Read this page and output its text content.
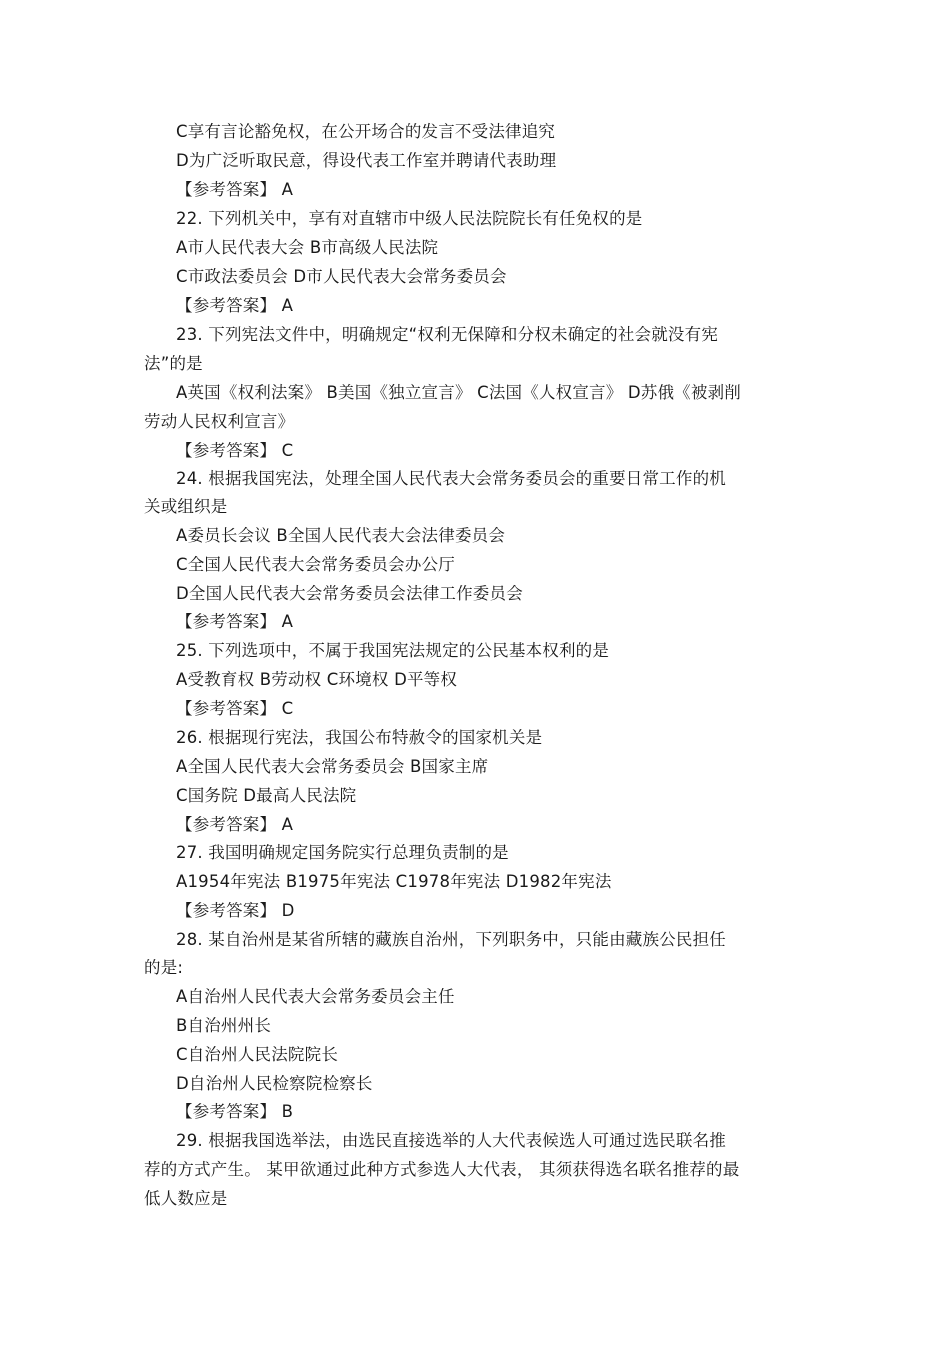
C享有言论豁免权，在公开场合的发言不受法律追究
D为广泛听取民意，得设代表工作室并聘请代表助理
【参考答案】 A
22. 下列机关中，享有对直辖市中级人民法院院长有任免权的是
A市人民代表大会 B市高级人民法院
C市政法委员会 D市人民代表大会常务委员会
【参考答案】 A
23. 下列宪法文件中，明确规定“权利无保障和分权未确定的社会就没有宪
法”的是
A英国《权利法案》 B美国《独立宣言》 C法国《人权宣言》 D苏俄《被剥削
劳动人民权利宣言》
【参考答案】 C
24. 根据我国宪法，处理全国人民代表大会常务委员会的重要日常工作的机
关或组织是
A委员长会议 B全国人民代表大会法律委员会
C全国人民代表大会常务委员会办公厅
D全国人民代表大会常务委员会法律工作委员会
【参考答案】 A
25. 下列选项中，不属于我国宪法规定的公民基本权利的是
A受教育权 B劳动权 C环境权 D平等权
【参考答案】 C
26. 根据现行宪法，我国公布特赦令的国家机关是
A全国人民代表大会常务委员会 B国家主席
C国务院 D最高人民法院
【参考答案】 A
27. 我国明确规定国务院实行总理负责制的是
A1954年宪法 B1975年宪法 C1978年宪法 D1982年宪法
【参考答案】 D
28. 某自治州是某省所辖的藏族自治州，下列职务中，只能由藏族公民担任
的是:
A自治州人民代表大会常务委员会主任
B自治州州长
C自治州人民法院院长
D自治州人民检察院检察长
【参考答案】 B
29. 根据我国选举法，由选民直接选举的人大代表候选人可通过选民联名推
荐的方式产生。 某甲欲通过此种方式参选人大代表， 其须获得选名联名推荐的最
低人数应是
